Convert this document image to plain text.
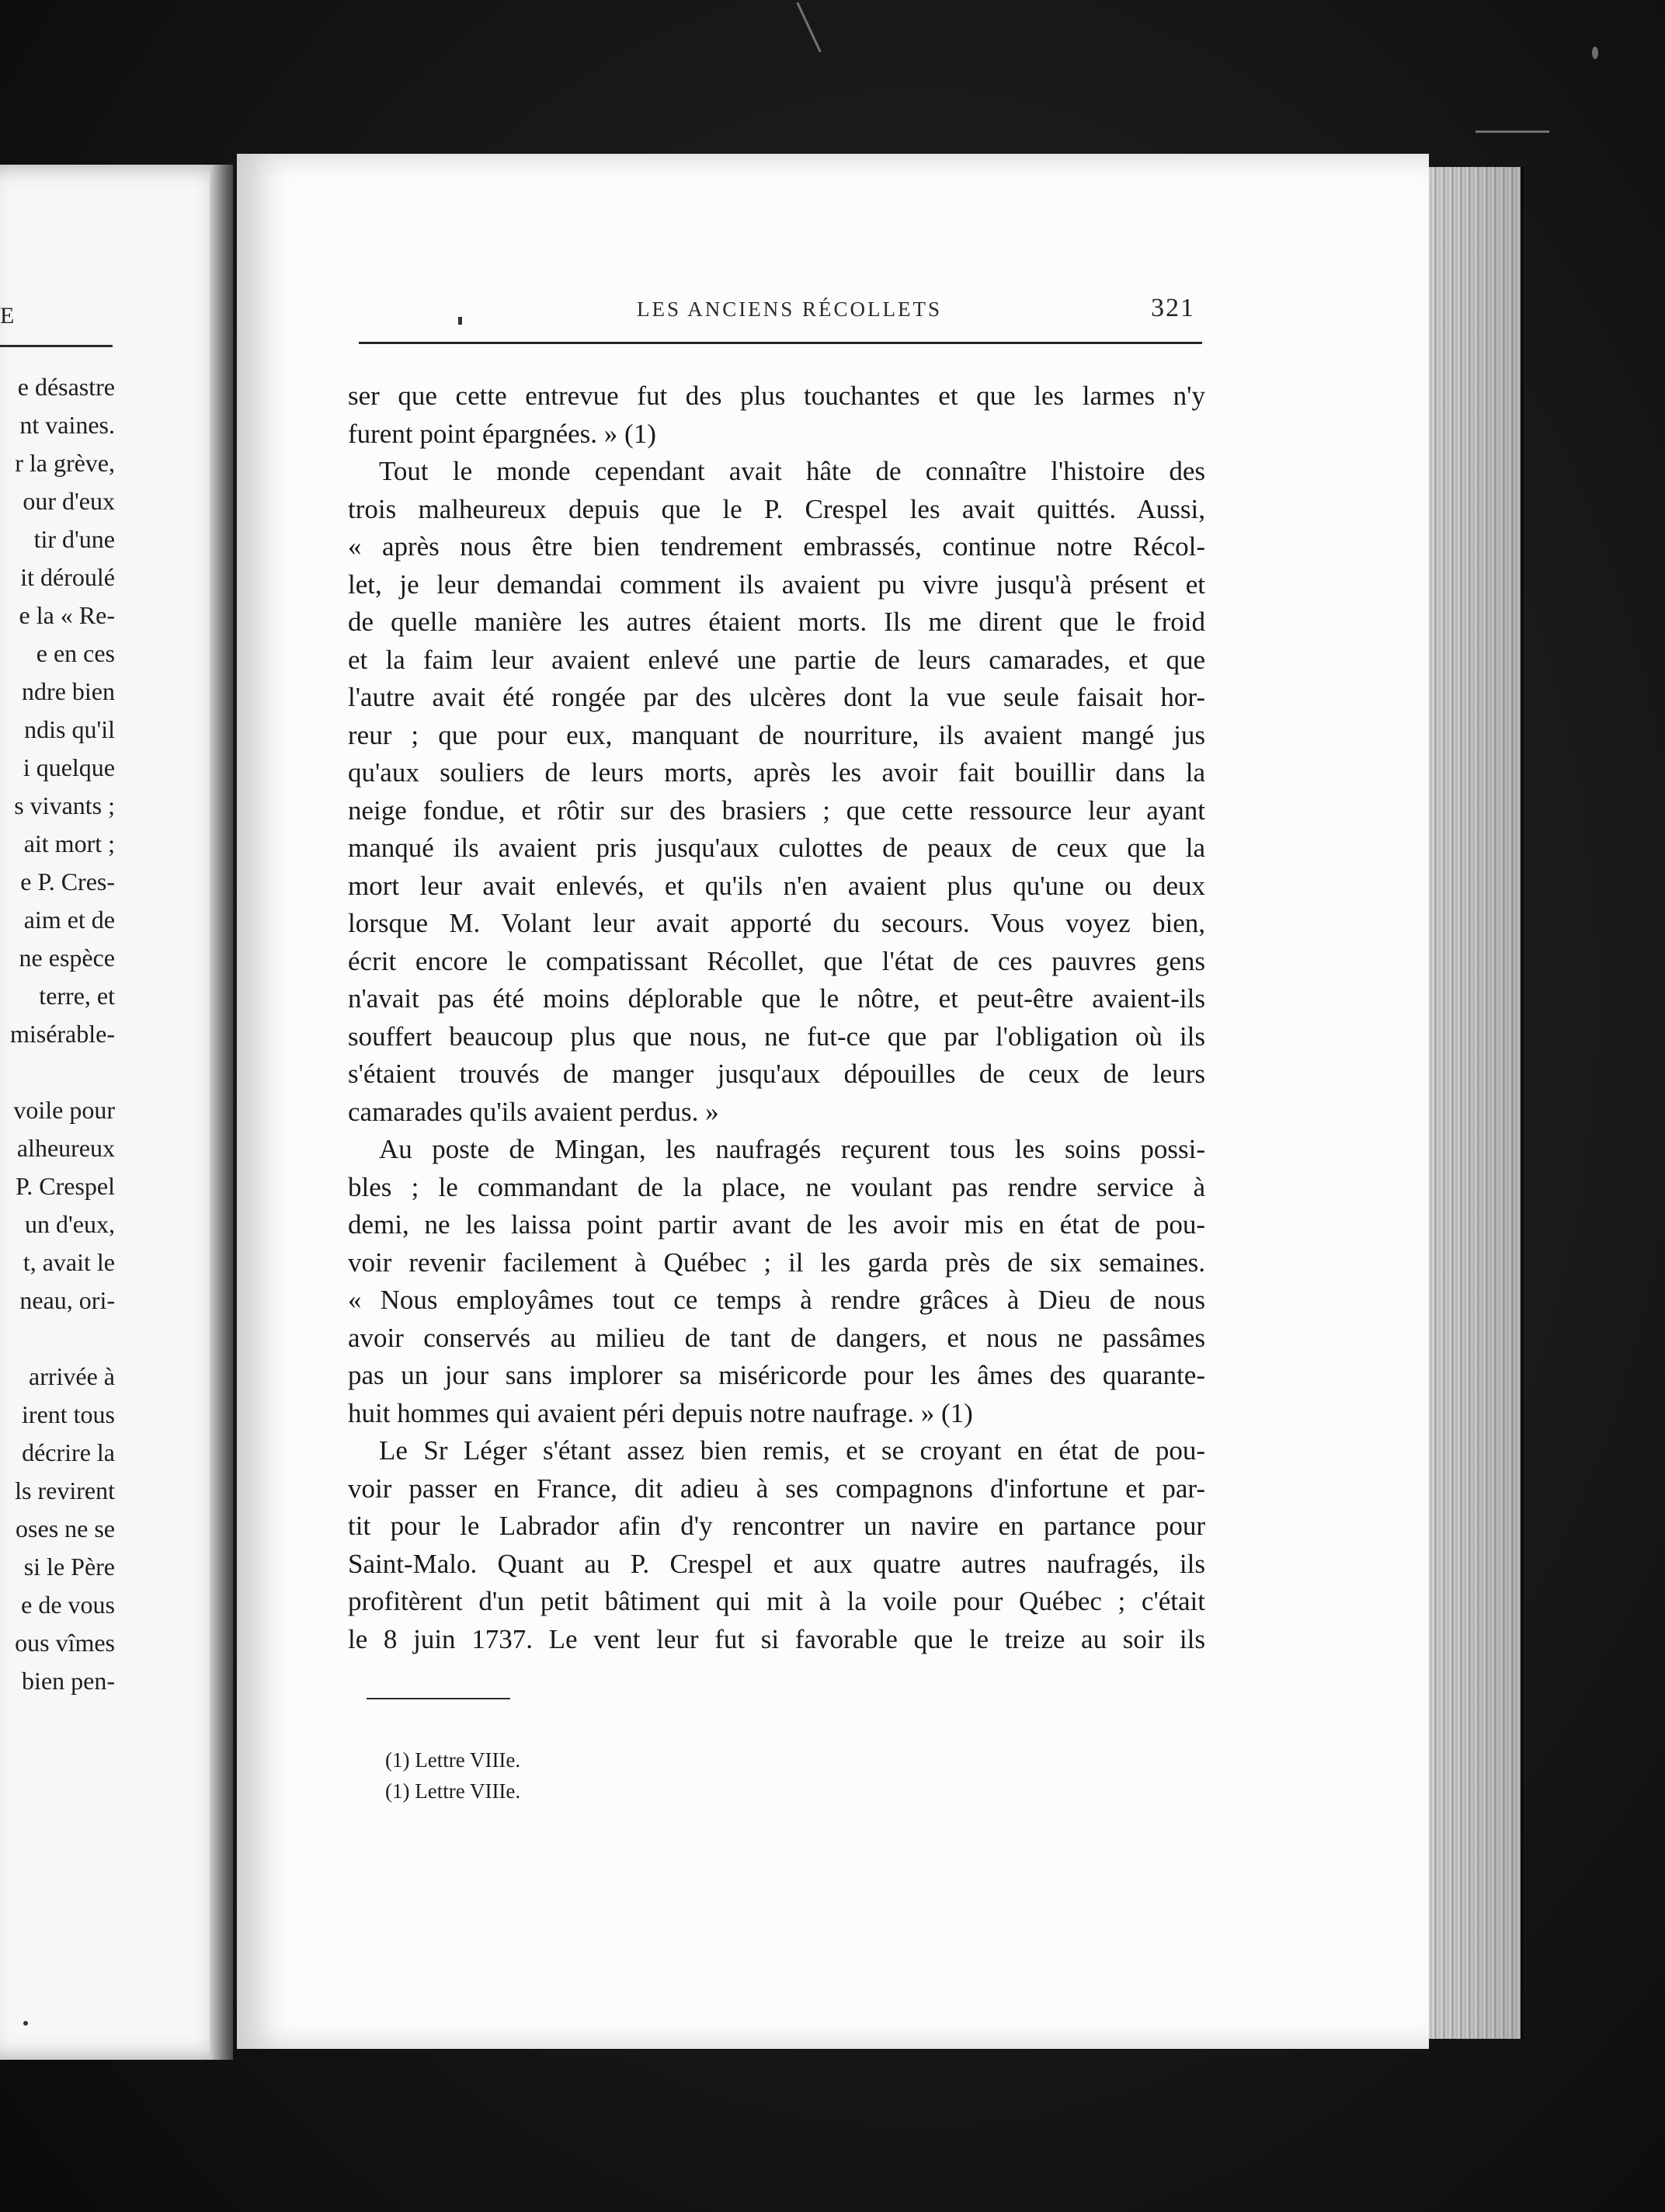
E
e désastre
nt vaines.
r la grève,
our d'eux
tir d'une
it déroulé
e la « Re-
e en ces
ndre bien
ndis qu'il
i quelque
s vivants ;
ait mort ;
e P. Cres-
aim et de
ne espèce
terre, et
misérable-
voile pour
alheureux
P. Crespel
un d'eux,
t, avait le
neau, ori-
arrivée à
irent tous
décrire la
ls revirent
oses ne se
si le Père
e de vous
ous vîmes
bien pen-
LES ANCIENS RÉCOLLETS	321
ser que cette entrevue fut des plus touchantes et que les larmes n'y
furent point épargnées. » (1)
Tout le monde cependant avait hâte de connaître l'histoire des
trois malheureux depuis que le P. Crespel les avait quittés. Aussi,
« après nous être bien tendrement embrassés, continue notre Récol-
let, je leur demandai comment ils avaient pu vivre jusqu'à présent et
de quelle manière les autres étaient morts. Ils me dirent que le froid
et la faim leur avaient enlevé une partie de leurs camarades, et que
l'autre avait été rongée par des ulcères dont la vue seule faisait hor-
reur ; que pour eux, manquant de nourriture, ils avaient mangé jus
qu'aux souliers de leurs morts, après les avoir fait bouillir dans la
neige fondue, et rôtir sur des brasiers ; que cette ressource leur ayant
manqué ils avaient pris jusqu'aux culottes de peaux de ceux que la
mort leur avait enlevés, et qu'ils n'en avaient plus qu'une ou deux
lorsque M. Volant leur avait apporté du secours. Vous voyez bien,
écrit encore le compatissant Récollet, que l'état de ces pauvres gens
n'avait pas été moins déplorable que le nôtre, et peut-être avaient-ils
souffert beaucoup plus que nous, ne fut-ce que par l'obligation où ils
s'étaient trouvés de manger jusqu'aux dépouilles de ceux de leurs
camarades qu'ils avaient perdus. »
Au poste de Mingan, les naufragés reçurent tous les soins possi-
bles ; le commandant de la place, ne voulant pas rendre service à
demi, ne les laissa point partir avant de les avoir mis en état de pou-
voir revenir facilement à Québec ; il les garda près de six semaines.
« Nous employâmes tout ce temps à rendre grâces à Dieu de nous
avoir conservés au milieu de tant de dangers, et nous ne passâmes
pas un jour sans implorer sa miséricorde pour les âmes des quarante-
huit hommes qui avaient péri depuis notre naufrage. » (1)
Le Sr Léger s'étant assez bien remis, et se croyant en état de pou-
voir passer en France, dit adieu à ses compagnons d'infortune et par-
tit pour le Labrador afin d'y rencontrer un navire en partance pour
Saint-Malo. Quant au P. Crespel et aux quatre autres naufragés, ils
profitèrent d'un petit bâtiment qui mit à la voile pour Québec ; c'était
le 8 juin 1737. Le vent leur fut si favorable que le treize au soir ils
(1) Lettre VIIIe.
(1) Lettre VIIIe.
